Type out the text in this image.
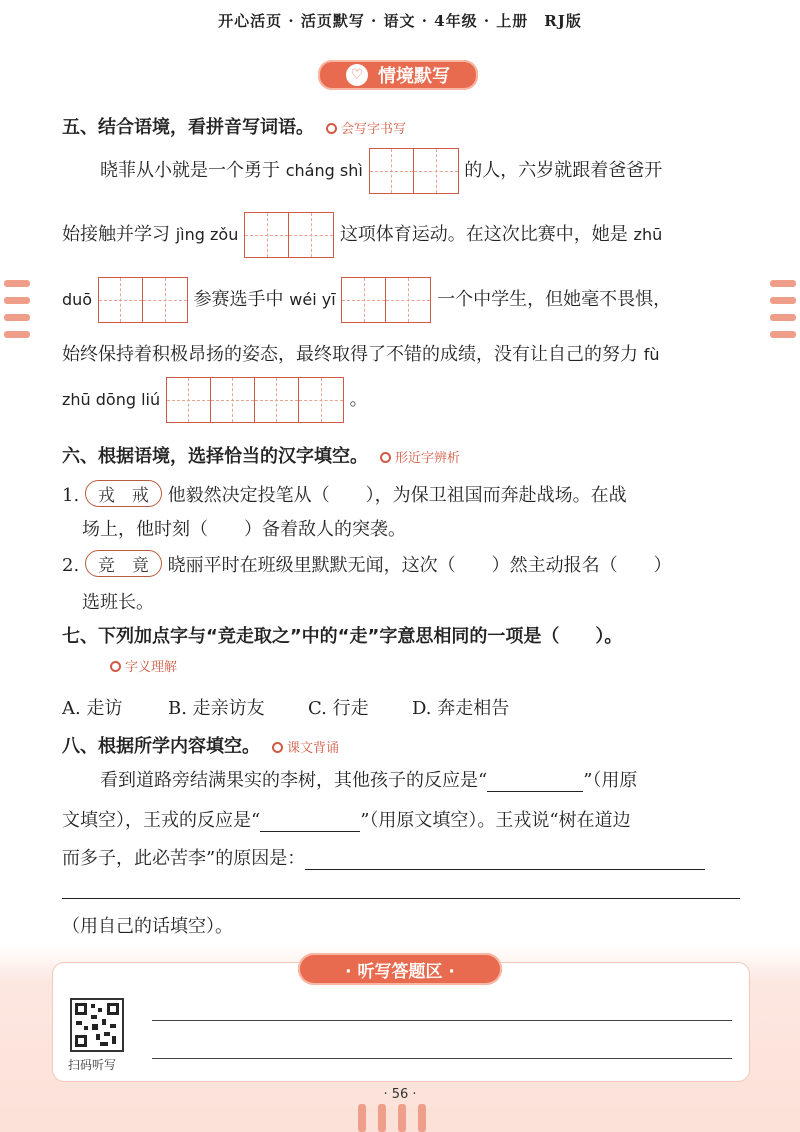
开心活页 · 活页默写 · 语文 · 4年级 · 上册　RJ版
♡ 情境默写
五、结合语境，看拼音写词语。 会写字书写
晓菲从小就是一个勇于 cháng shì	的人，六岁就跟着爸爸开
始接触并学习 jìng zǒu	这项体育运动。在这次比赛中，她是 zhū
duō	参赛选手中 wéi yī	一个中学生，但她毫不畏惧，
始终保持着积极昂扬的姿态，最终取得了不错的成绩，没有让自己的努力 fù
zhū dōng liú	。
六、根据语境，选择恰当的汉字填空。 形近字辨析
1. 戎　戒 他毅然决定投笔从（　　），为保卫祖国而奔赴战场。在战
场上，他时刻（　　）备着敌人的突袭。
2. 竞　竟 晓丽平时在班级里默默无闻，这次（　　）然主动报名（　　）
选班长。
七、下列加点字与“竞走取之”中的“走”字意思相同的一项是（　　）。
字义理解
A. 走访	B. 走亲访友 C. 行走 D. 奔走相告
八、根据所学内容填空。 课文背诵
看到道路旁结满果实的李树，其他孩子的反应是“	”（用原
文填空），王戎的反应是“	”（用原文填空）。王戎说“树在道边
而多子，此必苦李”的原因是：
（用自己的话填空）。
· 听写答题区 ·
扫码听写
· 56 ·
